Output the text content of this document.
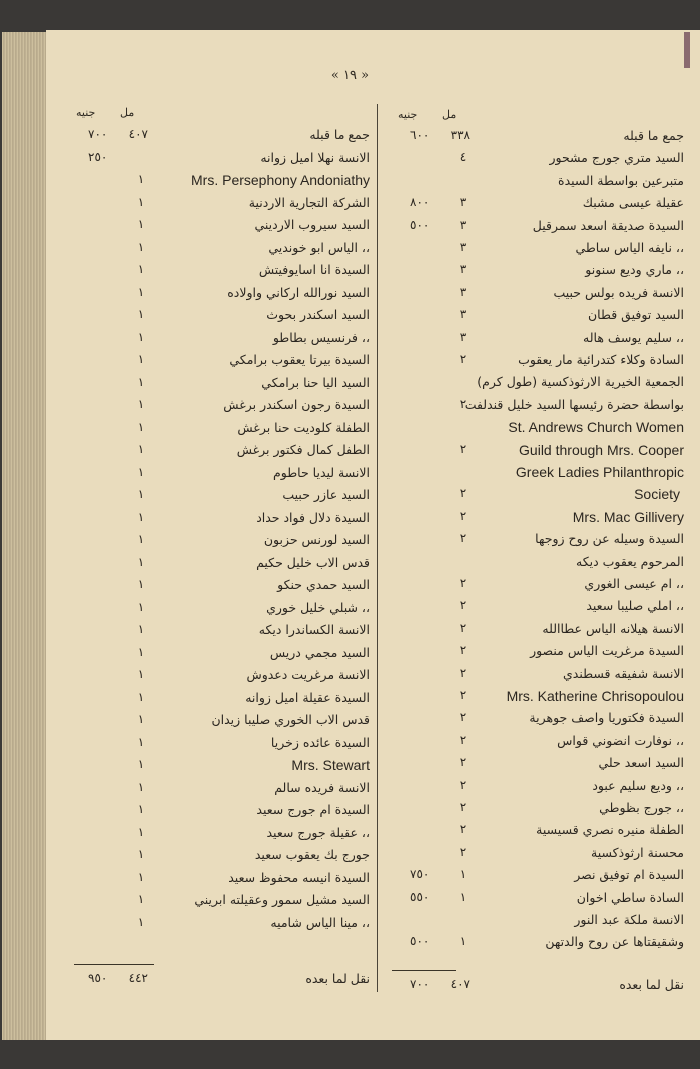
« ١٩ »
مل
جنيه
جمع ما قبله
٣٣٨٦٠٠
السيد متري جورج مشحور
٤
متبرعين بواسطة السيدة
عقيلة عيسى مشبك
٣٨٠٠
السيدة صديقة اسعد سمرقيل
٣٥٠٠
،، نايفه الياس ساطي
٣
،، ماري وديع سنونو
٣
الانسة فريده بولس حبيب
٣
السيد توفيق قطان
٣
،، سليم يوسف هاله
٣
السادة وكلاء كتدرائية مار يعقوب
٢
الجمعية الخيرية الارثوذكسية (طول كرم)
بواسطة حضرة رئيسها السيد خليل قندلفت
٢
St. Andrews Church Women
Guild through Mrs. Cooper
٢
Greek Ladies Philanthropic
Society
٢
Mrs. Mac Gillivery
٢
السيدة وسيله عن روح زوجها
٢
المرحوم يعقوب ديكه
،، ام عيسى الغوري
٢
،، املي صليبا سعيد
٢
الانسة هيلانه الياس عطاالله
٢
السيدة مرغريت الياس منصور
٢
الانسة شفيقه قسطندي
٢
Mrs. Katherine Chrisopoulou
٢
السيدة فكتوريا واصف جوهرية
٢
،، نوفارت انضوني قواس
٢
السيد اسعد حلي
٢
،، وديع سليم عبود
٢
،، جورج بظوطي
٢
الطفلة منيره نصري قسيسية
٢
محسنة ارثوذكسية
٢
السيدة ام توفيق نصر
١٧٥٠
السادة ساطي اخوان
١٥٥٠
الانسة ملكة عبد النور
وشقيقتاها عن روح والدتهن
١٥٠٠
نقل لما بعده
٤٠٧٧٠٠
مل
جنيه
جمع ما قبله
٤٠٧٧٠٠
الانسة نهلا اميل زوانه
٢٥٠
Mrs. Persephony Andoniathy
١
الشركة التجارية الاردنية
١
السيد سيروب الارديني
١
،، الياس ابو خونديي
١
السيدة انا اسايوفيتش
١
السيد نورالله اركاني واولاده
١
السيد اسكندر بحوث
١
،، فرنسيس بطاطو
١
السيدة بيرتا يعقوب برامكي
١
السيد اليا حنا برامكي
١
السيدة رجون اسكندر برغش
١
الطفلة كلوديت حنا برغش
١
الطفل كمال فكتور برغش
١
الانسة ليديا حاطوم
١
السيد عازر حبيب
١
السيدة دلال فواد حداد
١
السيد لورنس حزبون
١
قدس الاب خليل حكيم
١
السيد حمدي حنكو
١
،، شبلي خليل خوري
١
الانسة الكساندرا ديكه
١
السيد مجمي دريس
١
الانسة مرغريت دعدوش
١
السيدة عقيلة اميل زوانه
١
قدس الاب الخوري صليبا زيدان
١
السيدة عائده زخريا
١
Mrs. Stewart
١
الانسة فريده سالم
١
السيدة ام جورج سعيد
١
،، عقيلة جورج سعيد
١
جورج بك يعقوب سعيد
١
السيدة انيسه محفوظ سعيد
١
السيد مشيل سمور وعقيلته ابريني
١
،، مينا الياس شاميه
١
نقل لما بعده
٤٤٢٩٥٠
